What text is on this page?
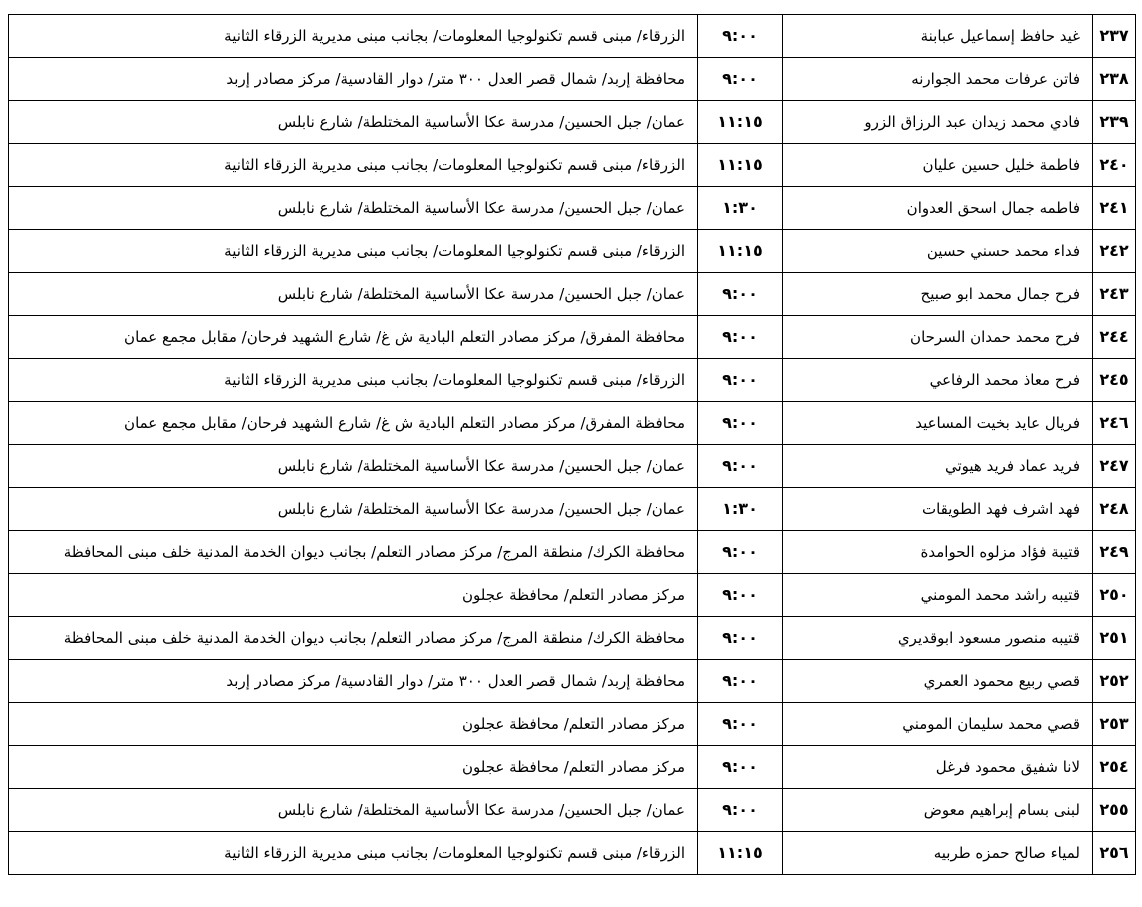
٢٣٧	غيد حافظ إسماعيل عبابنة	٩:٠٠	الزرقاء/ مبنى قسم تكنولوجيا المعلومات/ بجانب مبنى مديرية الزرقاء الثانية
٢٣٨	فاتن عرفات محمد الجوارنه	٩:٠٠	محافظة إربد/ شمال قصر العدل ٣٠٠ متر/ دوار القادسية/ مركز مصادر إربد
٢٣٩	فادي محمد زيدان عبد الرزاق الزرو	١١:١٥	عمان/ جبل الحسين/ مدرسة عكا الأساسية المختلطة/ شارع نابلس
٢٤٠	فاطمة خليل حسين عليان	١١:١٥	الزرقاء/ مبنى قسم تكنولوجيا المعلومات/ بجانب مبنى مديرية الزرقاء الثانية
٢٤١	فاطمه جمال اسحق العدوان	١:٣٠	عمان/ جبل الحسين/ مدرسة عكا الأساسية المختلطة/ شارع نابلس
٢٤٢	فداء محمد حسني حسين	١١:١٥	الزرقاء/ مبنى قسم تكنولوجيا المعلومات/ بجانب مبنى مديرية الزرقاء الثانية
٢٤٣	فرح جمال محمد ابو صبيح	٩:٠٠	عمان/ جبل الحسين/ مدرسة عكا الأساسية المختلطة/ شارع نابلس
٢٤٤	فرح محمد حمدان السرحان	٩:٠٠	محافظة المفرق/ مركز مصادر التعلم البادية ش غ/ شارع الشهيد فرحان/ مقابل مجمع عمان
٢٤٥	فرح معاذ محمد الرفاعي	٩:٠٠	الزرقاء/ مبنى قسم تكنولوجيا المعلومات/ بجانب مبنى مديرية الزرقاء الثانية
٢٤٦	فريال عايد بخيت المساعيد	٩:٠٠	محافظة المفرق/ مركز مصادر التعلم البادية ش غ/ شارع الشهيد فرحان/ مقابل مجمع عمان
٢٤٧	فريد عماد فريد هيوتي	٩:٠٠	عمان/ جبل الحسين/ مدرسة عكا الأساسية المختلطة/ شارع نابلس
٢٤٨	فهد اشرف فهد الطويقات	١:٣٠	عمان/ جبل الحسين/ مدرسة عكا الأساسية المختلطة/ شارع نابلس
٢٤٩	قتيبة فؤاد مزلوه الحوامدة	٩:٠٠	محافظة الكرك/ منطقة المرج/ مركز مصادر التعلم/ بجانب ديوان الخدمة المدنية خلف مبنى المحافظة
٢٥٠	قتيبه راشد محمد المومني	٩:٠٠	مركز مصادر التعلم/ محافظة عجلون
٢٥١	قتيبه منصور مسعود ابوقديري	٩:٠٠	محافظة الكرك/ منطقة المرج/ مركز مصادر التعلم/ بجانب ديوان الخدمة المدنية خلف مبنى المحافظة
٢٥٢	قصي ربيع محمود العمري	٩:٠٠	محافظة إربد/ شمال قصر العدل ٣٠٠ متر/ دوار القادسية/ مركز مصادر إربد
٢٥٣	قصي محمد سليمان المومني	٩:٠٠	مركز مصادر التعلم/ محافظة عجلون
٢٥٤	لانا شفيق محمود فرغل	٩:٠٠	مركز مصادر التعلم/ محافظة عجلون
٢٥٥	لبنى بسام إبراهيم معوض	٩:٠٠	عمان/ جبل الحسين/ مدرسة عكا الأساسية المختلطة/ شارع نابلس
٢٥٦	لمياء صالح حمزه طربيه	١١:١٥	الزرقاء/ مبنى قسم تكنولوجيا المعلومات/ بجانب مبنى مديرية الزرقاء الثانية
